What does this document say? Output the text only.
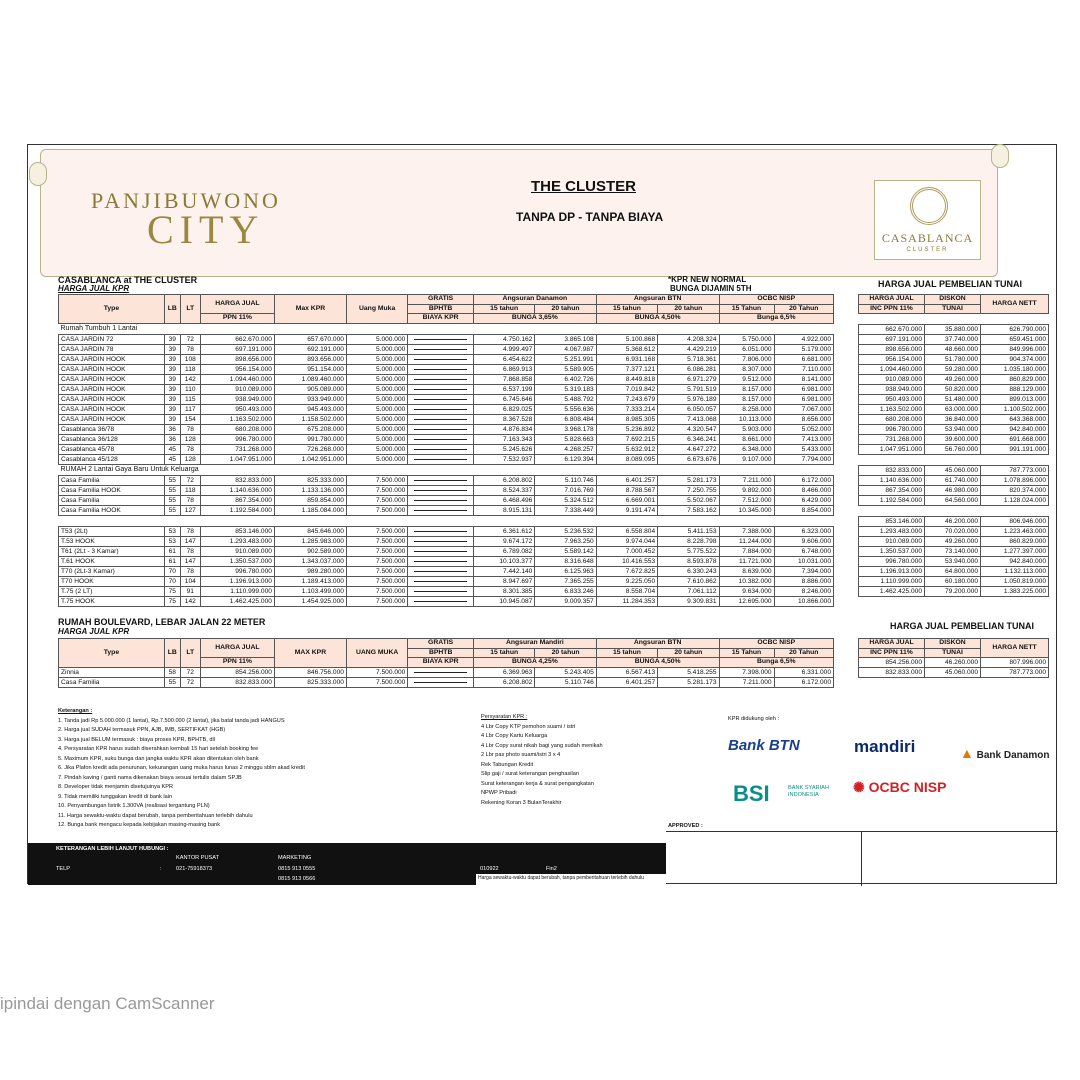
PANJIBUWONO
CITY
THE CLUSTER
TANPA DP - TANPA BIAYA
CASABLANCA
CLUSTER
CASABLANCA at THE CLUSTER
HARGA JUAL KPR
*KPR NEW NORMAL
BUNGA DIJAMIN 5TH	HARGA JUAL PEMBELIAN TUNAI
Type	LB	LT	HARGA JUAL	Max KPR	Uang Muka	GRATIS	Angsuran Danamon		Angsuran BTN		OCBC NISP	
						BPHTB	15 tahun	20 tahun	15 tahun	20 tahun	15 Tahun	20 Tahun
			PPN 11%			BIAYA KPR	BUNGA 3,65%		BUNGA 4,50%		Bunga 6,5%	
Rumah Tumbuh 1 Lantai												
CASA JARDIN 72	39	72	662.670.000	657.670.000	5.000.000		4.750.162	3.865.108	5.100.868	4.208.324	5.750.000	4.922.000
CASA JARDIN 78	39	78	697.191.000	692.191.000	5.000.000		4.999.497	4.067.987	5.368.612	4.429.219	6.051.000	5.179.000
CASA JARDIN HOOK	39	108	898.656.000	893.656.000	5.000.000		6.454.622	5.251.991	6.931.168	5.718.361	7.806.000	6.681.000
CASA JARDIN HOOK	39	118	956.154.000	951.154.000	5.000.000		6.869.913	5.589.905	7.377.121	6.086.281	8.307.000	7.110.000
CASA JARDIN HOOK	39	142	1.094.460.000	1.089.460.000	5.000.000		7.868.858	6.402.726	8.449.818	6.971.279	9.512.000	8.141.000
CASA JARDIN HOOK	39	110	910.089.000	905.089.000	5.000.000		6.537.199	5.319.183	7.019.842	5.791.519	8.157.000	6.981.000
CASA JARDIN HOOK	39	115	938.949.000	933.949.000	5.000.000		6.745.646	5.488.792	7.243.679	5.976.189	8.157.000	6.981.000
CASA JARDIN HOOK	39	117	950.493.000	945.493.000	5.000.000		6.829.025	5.556.636	7.333.214	6.050.057	8.258.000	7.067.000
CASA JARDIN HOOK	39	154	1.163.502.000	1.158.502.000	5.000.000		8.367.528	6.808.484	8.985.305	7.413.068	10.113.000	8.656.000
Casablanca 36/78	36	78	680.208.000	675.208.000	5.000.000		4.876.834	3.968.178	5.236.892	4.320.547	5.903.000	5.052.000
Casablanca 36/128	36	128	996.780.000	991.780.000	5.000.000		7.163.343	5.828.663	7.692.215	6.346.241	8.661.000	7.413.000
Casablanca 45/78	45	78	731.268.000	726.268.000	5.000.000		5.245.626	4.268.257	5.632.912	4.647.272	6.348.000	5.433.000
Casablanca 45/128	45	128	1.047.951.000	1.042.951.000	5.000.000		7.532.937	6.129.394	8.089.095	6.673.676	9.107.000	7.794.000
RUMAH 2 Lantai Gaya Baru Untuk Keluarga												
Casa Familia	55	72	832.833.000	825.333.000	7.500.000		6.208.802	5.110.746	6.401.257	5.281.173	7.211.000	6.172.000
Casa Familia HOOK	55	118	1.140.636.000	1.133.136.000	7.500.000		8.524.337	7.016.769	8.788.567	7.250.755	9.892.000	8.466.000
Casa Familia	55	78	867.354.000	859.854.000	7.500.000		6.468.496	5.324.512	6.669.001	5.502.067	7.512.000	6.429.000
Casa Familia HOOK	55	127	1.192.584.000	1.185.084.000	7.500.000		8.915.131	7.338.449	9.191.474	7.583.162	10.345.000	8.854.000

T53 (2Lt)	53	78	853.146.000	845.646.000	7.500.000		6.361.612	5.236.532	6.558.804	5.411.153	7.388.000	6.323.000
T.53 HOOK	53	147	1.293.483.000	1.285.983.000	7.500.000		9.674.172	7.963.250	9.974.044	8.228.798	11.244.000	9.606.000
T61 (2Lt - 3 Kamar)	61	78	910.089.000	902.589.000	7.500.000		6.789.082	5.589.142	7.000.452	5.775.522	7.884.000	6.748.000
T.61 HOOK	61	147	1.350.537.000	1.343.037.000	7.500.000		10.103.377	8.316.648	10.416.553	8.593.878	11.721.000	10.031.000
T70 (2Lt-3 Kamar)	70	78	996.780.000	989.280.000	7.500.000		7.442.140	6.125.963	7.672.825	6.330.243	8.639.000	7.394.000
T70 HOOK	70	104	1.196.913.000	1.189.413.000	7.500.000		8.947.697	7.365.255	9.225.050	7.610.862	10.382.000	8.886.000
T.75 (2 LT)	75	91	1.110.999.000	1.103.499.000	7.500.000		8.301.385	6.833.246	8.558.704	7.061.112	9.634.000	8.246.000
T.75 HOOK	75	142	1.462.425.000	1.454.925.000	7.500.000		10.945.087	9.009.357	11.284.353	9.309.831	12.695.000	10.866.000
HARGA JUAL	DISKON	HARGA NETT

INC PPN 11%	TUNAI	

662.670.000	35.880.000	626.790.000
697.191.000	37.740.000	659.451.000
898.656.000	48.660.000	849.996.000
956.154.000	51.780.000	904.374.000
1.094.460.000	59.280.000	1.035.180.000
910.089.000	49.260.000	860.829.000
938.949.000	50.820.000	888.129.000
950.493.000	51.480.000	899.013.000
1.163.502.000	63.000.000	1.100.502.000
680.208.000	36.840.000	643.368.000
996.780.000	53.940.000	942.840.000
731.268.000	39.600.000	691.668.000
1.047.951.000	56.760.000	991.191.000

832.833.000	45.060.000	787.773.000
1.140.636.000	61.740.000	1.078.896.000
867.354.000	46.980.000	820.374.000
1.192.584.000	64.560.000	1.128.024.000

853.146.000	46.200.000	806.946.000
1.293.483.000	70.020.000	1.223.463.000
910.089.000	49.260.000	860.829.000
1.350.537.000	73.140.000	1.277.397.000
996.780.000	53.940.000	942.840.000
1.196.913.000	64.800.000	1.132.113.000
1.110.999.000	60.180.000	1.050.819.000
1.462.425.000	79.200.000	1.383.225.000
RUMAH BOULEVARD, LEBAR JALAN 22 METER
HARGA JUAL KPR
HARGA JUAL PEMBELIAN TUNAI
Type	LB	LT	HARGA JUAL	MAX KPR	UANG MUKA	GRATIS	Angsuran Mandiri		Angsuran BTN		OCBC NISP	
						BPHTB	15 tahun	20 tahun	15 tahun	20 tahun	15 Tahun	20 Tahun
			PPN 11%			BIAYA KPR	BUNGA 4,25%		BUNGA 4,50%		Bunga 6,5%	
Zinnia	58	72	854.256.000	846.756.000	7.500.000		6.369.963	5.243.405	6.567.413	5.418.255	7.398.000	6.331.000
Casa Familia	55	72	832.833.000	825.333.000	7.500.000		6.208.802	5.110.746	6.401.257	5.281.173	7.211.000	6.172.000
HARGA JUAL	DISKON	HARGA NETT

INC PPN 11%	TUNAI	
854.256.000	46.260.000	807.996.000
832.833.000	45.060.000	787.773.000
Keterangan :
1. Tanda jadi Rp 5.000.000 (1 lantai), Rp.7.500.000 (2 lantai), jika batal tanda jadi HANGUS
2. Harga jual SUDAH termasuk PPN, AJB, IMB, SERTIFKAT (HGB)
3. Harga jual BELUM termasuk : biaya proses KPR, BPHTB, dll
4. Persyaratan KPR harus sudah diserahkan kembali 15 hari setelah booking fee
5. Maximum KPR, suku bunga dan jangka waktu KPR akan ditentukan oleh bank
6. Jika Plafon kredit ada penurunan, kekurangan uang muka harus lunas 2 minggu sblm akad kredit
7. Pindah kaving / ganti nama dikenakan biaya sesuai tertulis dalam SPJB
8. Developer tidak menjamin disetujuinya KPR
9. Tidak memiliki tunggakan kredit di bank lain
10. Penyambungan listrik 1.300VA (realisasi tergantung PLN)
11. Harga sewaktu-waktu dapat berubah, tanpa pemberitahuan terlebih dahulu
12. Bunga bank mengacu kepada kebijakan masing-masing bank
Persyaratan KPR :
4 Lbr Copy KTP pemohon suami / istri
4 Lbr Copy Kartu Keluarga
4 Lbr Copy surat nikah bagi yang sudah menikah
2 Lbr pas photo suami/istri 3 x 4
Rek Tabungan Kredit
Slip gaji / surat keterangan penghasilan
Surat keterangan kerja & surat pengangkatan
NPWP Pribadi
Rekening Koran 3 BulanTerakhir
KPR didukung oleh :
Bank BTN	mandiri	▲ Bank Danamon
BSI	BANK SYARIAH
INDONESIA	✺ OCBC NISP
APPROVED :
KETERANGAN LEBIH LANJUT HUBUNGI :
KANTOR PUSAT	MARKETING
TELP	:	021-75918373	0815 913 0555
0815 913 0566
010922	Fin2
Harga sewaktu-waktu dapat berubah, tanpa pemberitahuan terlebih dahulu
ipindai dengan CamScanner
